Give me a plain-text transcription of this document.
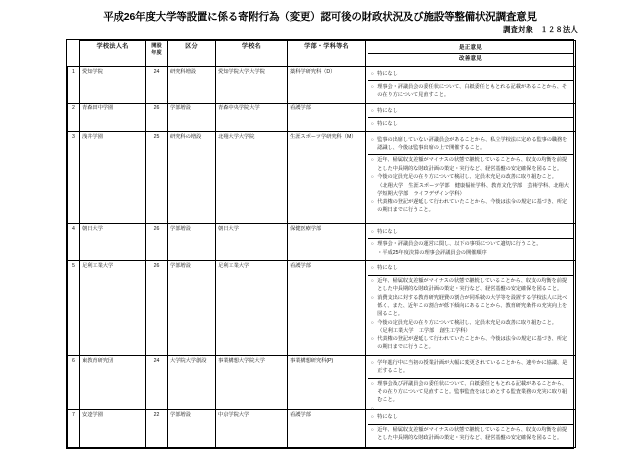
平成26年度大学等設置に係る寄附行為（変更）認可後の財政状況及び施設等整備状況調査意見
調査対象　１２８法人
	学校法人名	開設
年度	区分	学校名	学部・学科等名	是正意見
改善意見

1	愛知学院	24	研究科増設	愛知学院大学大学院	薬科学研究科（D）	○ 特になし
○ 理事会・評議員会の委任状について、白紙委任ともとれる記載があることから、その在り方について見直すこと。

2	青森田中学園	26	学部増設	青森中央学院大学	看護学部	○ 特になし
○ 特になし

3	浅井学園	25	研究科の増設	北翔大学大学院	生涯スポーツ学研究科（M）	○ 監事の出席していない評議員会があることから、私立学校法に定める監事の職務を認識し、今後は監事出席の上で開催すること。
○ 近年、帰属収支差額がマイナスの状態で継続していることから、収支の均衡を前提とした中長期的な財政計画の策定・実行など、経営基盤の安定確保を図ること。
○ 今後の定員充足の在り方について検討し、定員未充足の改善に取り組むこと。
（北翔大学　生涯スポーツ学部　健康福祉学科、教育文化学部　芸術学科、北翔大学短期大学部　ライフデザイン学科）
○ 代表権の登記が遅延して行われていたことから、今後は法令の規定に基づき、所定の期日までに行うこと。

4	朝日大学	26	学部増設	朝日大学	保健医療学部	○ 特になし
○ 理事会・評議員会の運営に関し、以下の事項について適切に行うこと。
・平成25年度決算の理事会評議員会の開催順序

5	足利工業大学	26	学部増設	足利工業大学	看護学部	
○特になし
○ 近年、帰属収支差額がマイナスの状態で継続していることから、収支の均衡を前提とした中長期的な財政計画の策定・実行など、経営基盤の安定確保を図ること。
○ 消費支出に対する教育研究経費の割合が同系統の大学等を設置する学校法人に比べ低く、また、近年この割合が低下傾向にあることから、教育研究条件の充実向上を図ること。
○ 今後の定員充足の在り方について検討し、定員未充足の改善に取り組むこと。
（足利工業大学　工学部　創生工学科）
○ 代表権の登記が遅延して行われていたことから、今後は法令の規定に基づき、所定の期日までに行うこと。

6	東教育研究団	24	大学院大学創設	事業構想大学院大学	事業構想研究科(P)	○ 学年進行中に当初の授業計画が大幅に変更されていることから、速やかに協議、是正すること。
○ 理事会及び評議員会の委任状について、白紙委任ともとれる記載があることから、その在り方について見直すこと。監事監査をはじめとする監査業務の充実に取り組むこと。

7	安達学園	22	学部増設	中京学院大学	看護学部	○ 特になし
○ 近年、帰属収支差額がマイナスの状態で継続していることから、収支の均衡を前提とした中長期的な財政計画の策定・実行など、経営基盤の安定確保を図ること。
